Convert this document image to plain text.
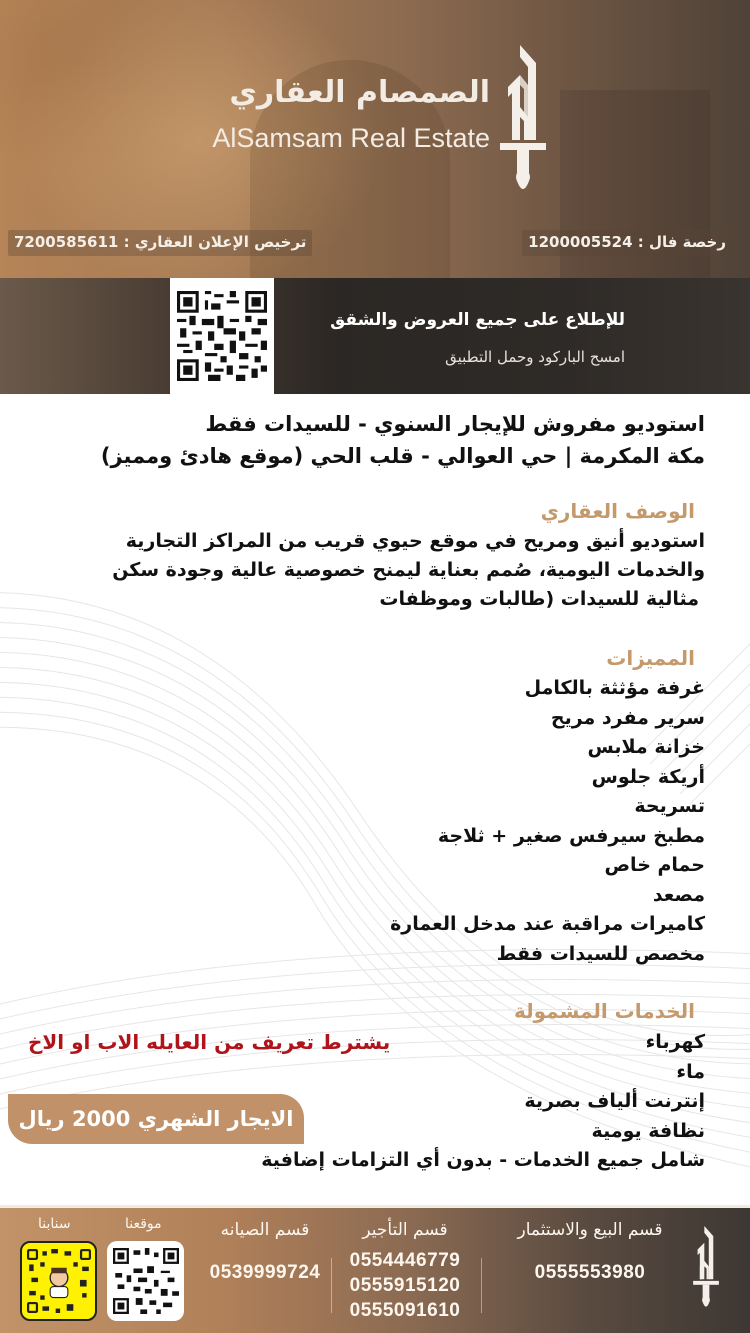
الصمصام العقاري
AlSamsam Real Estate
رخصة فال : 1200005524
ترخيص الإعلان العقاري : 7200585611
للإطلاع على جميع العروض والشقق
امسح الباركود وحمل التطبيق
استوديو مفروش للإيجار السنوي - للسيدات فقط
مكة المكرمة | حي العوالي - قلب الحي (موقع هادئ ومميز)
الوصف العقاري
استوديو أنيق ومريح في موقع حيوي قريب من المراكز التجارية
والخدمات اليومية، صُمم بعناية ليمنح خصوصية عالية وجودة سكن
مثالية للسيدات (طالبات وموظفات
المميزات
غرفة مؤثثة بالكامل
سرير مفرد مريح
خزانة ملابس
أريكة جلوس
تسريحة
مطبخ سيرفس صغير + ثلاجة
حمام خاص
مصعد
كاميرات مراقبة عند مدخل العمارة
مخصص للسيدات فقط
الخدمات المشمولة
كهرباء
ماء
إنترنت ألياف بصرية
نظافة يومية
شامل جميع الخدمات - بدون أي التزامات إضافية
يشترط تعريف من العايله الاب او الاخ
الايجار الشهري 2000 ريال
قسم البيع والاستثمار
0555553980
قسم التأجير
0554446779
0555915120
0555091610
قسم الصيانه
0539999724
موقعنا
سنابنا
